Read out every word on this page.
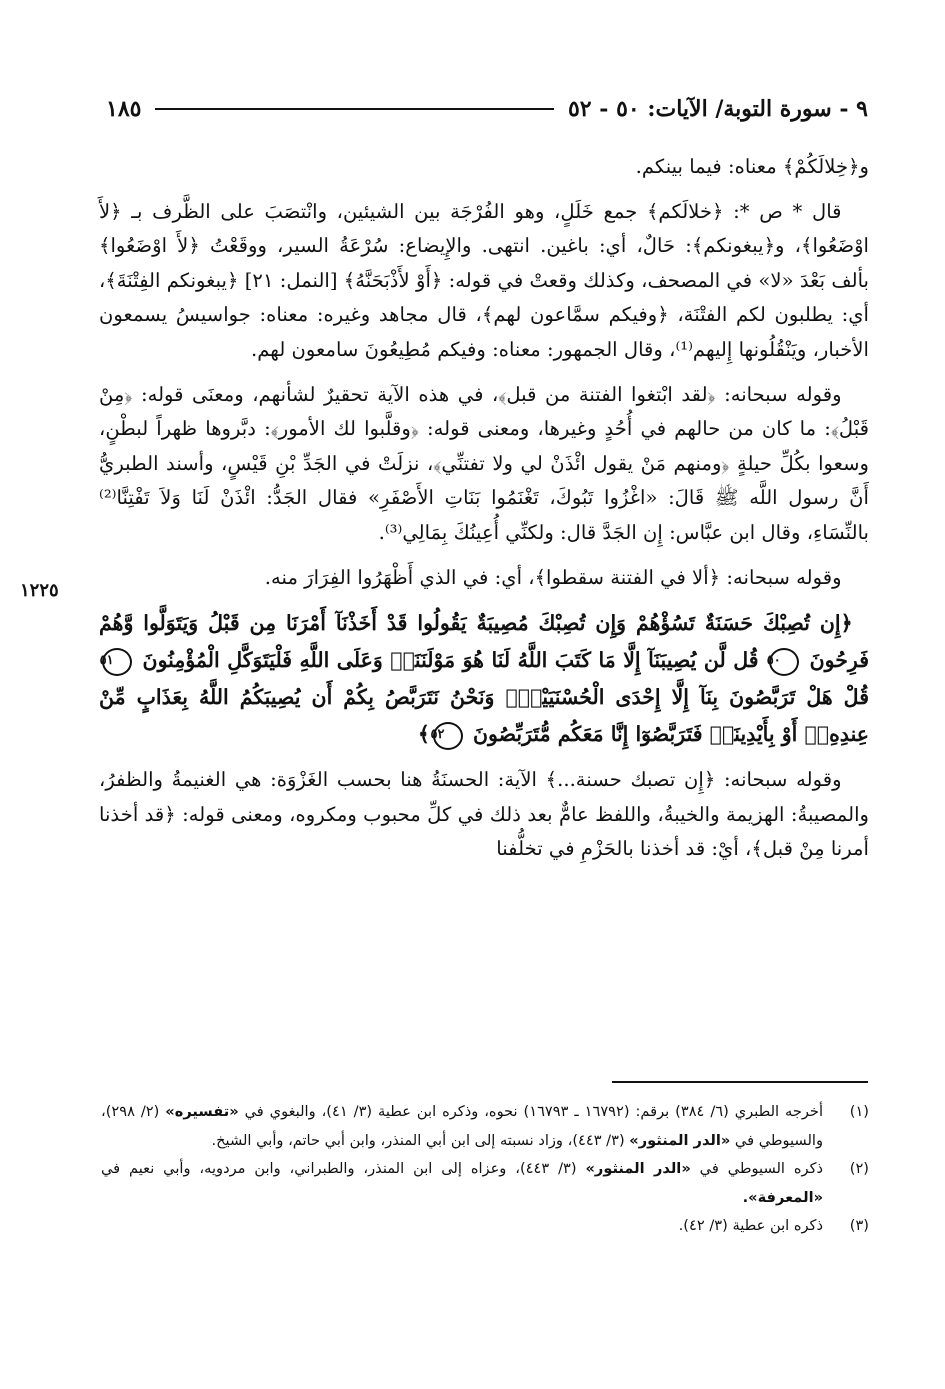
٩ - سورة التوبة/ الآيات: ٥٠ - ٥٢
١٨٥

و﴿خِلالَكُمْ﴾ معناه: فيما بينكم.

قال * ص *: ﴿خلالَكم﴾ جمع خَلَلٍ، وهو الفُرْجَة بين الشيئين، وانْتصَبَ على الظَّرف بـ ﴿لأَ اوْضَعُوا﴾، و﴿يبغونكم﴾: حَالٌ، أي: باغين. انتهى. والإِيضاع: سُرْعَةُ السير، ووقَعْتُ ﴿لأَ اوْضَعُوا﴾ بألف بَعْدَ «لا» في المصحف، وكذلك وقعتْ في قوله: ﴿أَوْ لأَذْبَحَنَّهُ﴾ [النمل: ٢١] ﴿يبغونكم الفِتْنَةَ﴾، أي: يطلبون لكم الفتْنَة، ﴿وفيكم سمَّاعون لهم﴾، قال مجاهد وغيره: معناه: جواسيسُ يسمعون الأخبار، ويَنْقُلُونها إِليهم⁽¹⁾، وقال الجمهور: معناه: وفيكم مُطِيعُونَ سامعون لهم.

وقوله سبحانه: ﴿لقد ابْتغوا الفتنة من قبل﴾، في هذه الآية تحقيرٌ لشأنهم، ومعنَى قوله: ﴿مِنْ قَبْلُ﴾: ما كان من حالهم في أُحُدٍ وغيرها، ومعنى قوله: ﴿وقلَّبوا لك الأمور﴾: دبَّروها ظهراً لبطْنٍ، وسعوا بكُلِّ حيلةٍ ﴿ومنهم مَنْ يقول ائْذَنْ لي ولا تفتنِّي﴾، نزلَتْ في الجَدِّ بْنِ قَيْسٍ، وأسند الطبريُّ أَنَّ رسول اللَّه ﷺ قَالَ: «اغْزُوا تَبُوكَ، تَغْنَمُوا بَنَاتِ الأَصْفَرِ» فقال الجَدُّ: ائْذَنْ لَنَا وَلاَ تَفْتِنَّا⁽²⁾ بالنِّسَاءِ، وقال ابن عبَّاس: إِن الجَدَّ قال: ولكنِّي أُعِينُكَ بِمَالِي⁽³⁾.

وقوله سبحانه: ﴿ألا في الفتنة سقطوا﴾، أي: في الذي أَظْهَرُوا الفِرَارَ منه.

﴿إِن تُصِبْكَ حَسَنَةٌ تَسُؤْهُمْ وَإِن تُصِبْكَ مُصِيبَةٌ يَقُولُوا قَدْ أَخَذْنَآ أَمْرَنَا مِن قَبْلُ وَيَتَوَلَّوا وَّهُمْ فَرِحُونَ ٥٠ قُل لَّن يُصِيبَنَآ إِلَّا مَا كَتَبَ اللَّهُ لَنَا هُوَ مَوْلَنَنَاۚ وَعَلَى اللَّهِ فَلْيَتَوَكَّلِ الْمُؤْمِنُونَ ٥١ قُلْ هَلْ تَرَبَّصُونَ بِنَآ إِلَّا إِحْدَى الْحُسْنَيَيْنِۖ وَنَحْنُ نَتَرَبَّصُ بِكُمْ أَن يُصِيبَكُمُ اللَّهُ بِعَذَابٍ مِّنْ عِندِهِۦٓ أَوْ بِأَيْدِينَاۖ فَتَرَبَّصُوٓا إِنَّا مَعَكُم مُّتَرَبِّصُونَ ٥٢﴾

وقوله سبحانه: ﴿إِن تصبك حسنة...﴾ الآية: الحسنَةُ هنا بحسب الغَزْوَة: هي الغنيمةُ والظفرُ، والمصيبةُ: الهزيمة والخيبةُ، واللفظ عامٌّ بعد ذلك في كلِّ محبوب ومكروه، ومعنى قوله: ﴿قد أخذنا أمرنا مِنْ قبل﴾، أيْ: قد أخذنا بالحَزْمِ في تخلُّفنا

١٢٢٥

(١)
أخرجه الطبري (٦/ ٣٨٤) برقم: (١٦٧٩٢ ـ ١٦٧٩٣) نحوه، وذكره ابن عطية (٣/ ٤١)، والبغوي في «تفسيره» (٢/ ٢٩٨)، والسيوطي في «الدر المنثور» (٣/ ٤٤٣)، وزاد نسبته إلى ابن أبي المنذر، وابن أبي حاتم، وأبي الشيخ.

(٢)
ذكره السيوطي في «الدر المنثور» (٣/ ٤٤٣)، وعزاه إلى ابن المنذر، والطبراني، وابن مردويه، وأبي نعيم في «المعرفة».

(٣)
ذكره ابن عطية (٣/ ٤٢).
